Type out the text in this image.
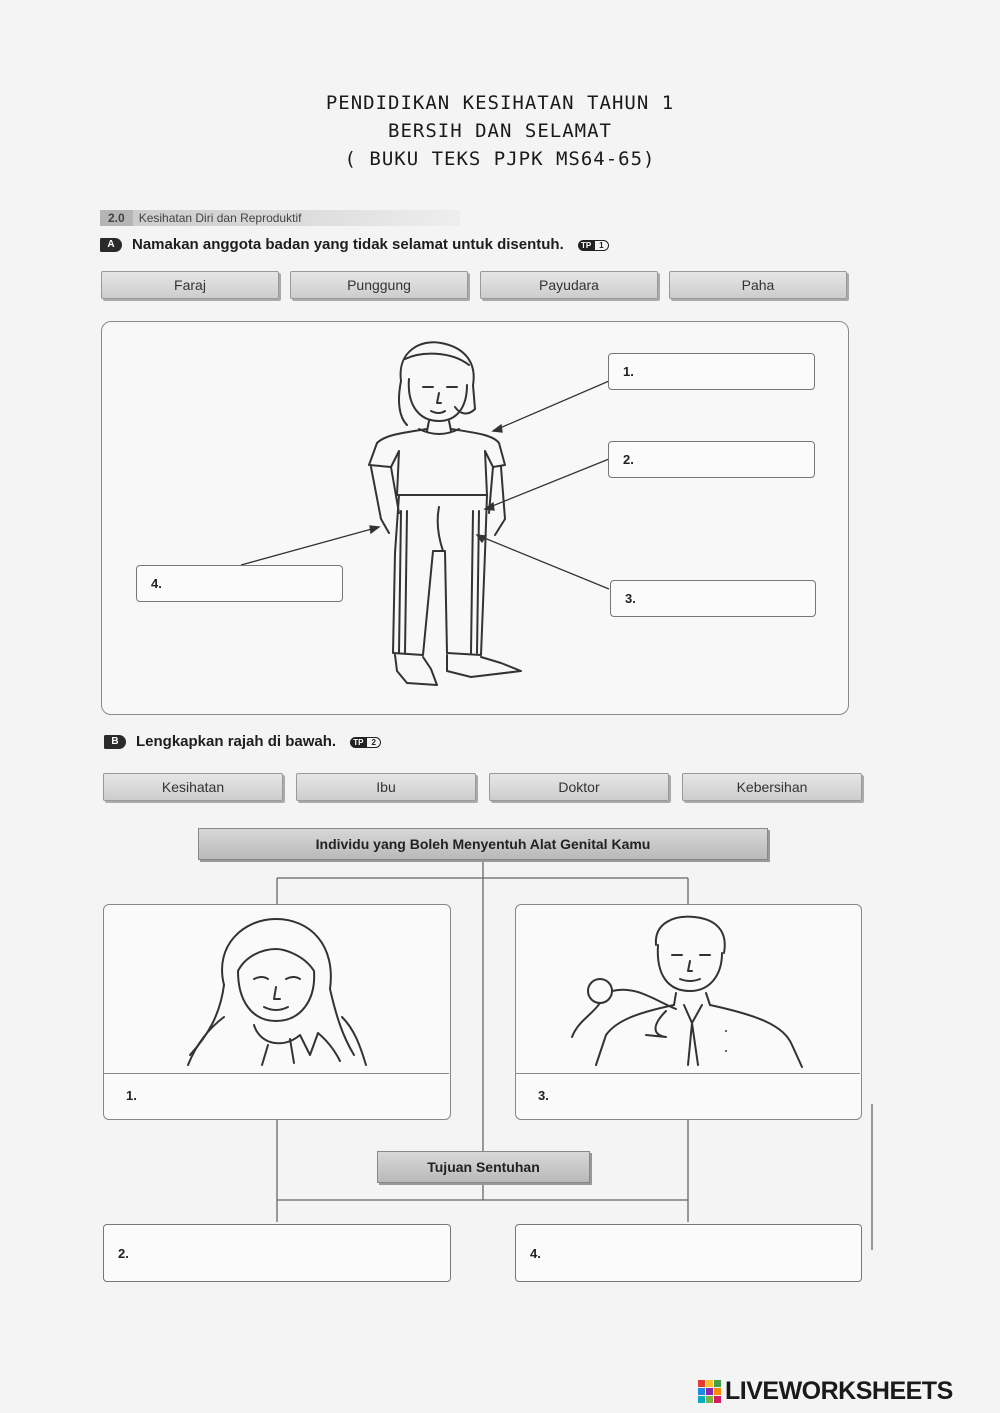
PENDIDIKAN KESIHATAN TAHUN 1
BERSIH DAN SELAMAT
( BUKU TEKS PJPK MS64-65)
2.0 Kesihatan Diri dan Reproduktif
A Namakan anggota badan yang tidak selamat untuk disentuh. TP 1
Faraj	Punggung	Payudara	Paha
1.
2.
3.
4.
B Lengkapkan rajah di bawah. TP 2
Kesihatan	Ibu	Doktor	Kebersihan
Individu yang Boleh Menyentuh Alat Genital Kamu
1.	3.
Tujuan Sentuhan
2.	4.
LIVEWORKSHEETS
